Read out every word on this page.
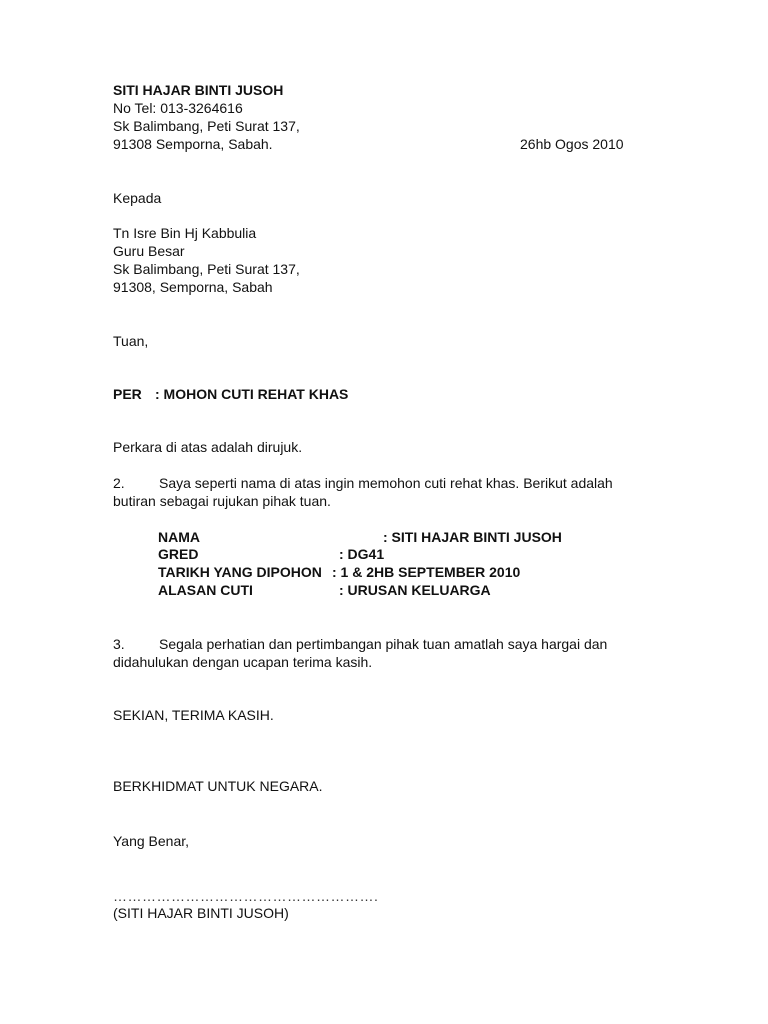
SITI HAJAR BINTI JUSOH
No Tel: 013-3264616
Sk Balimbang, Peti Surat 137,
91308 Semporna, Sabah.	26hb Ogos 2010
Kepada
Tn Isre Bin Hj Kabbulia
Guru Besar
Sk Balimbang, Peti Surat 137,
91308, Semporna, Sabah
Tuan,
PER : MOHON CUTI REHAT KHAS
Perkara di atas adalah dirujuk.
2. Saya seperti nama di atas ingin memohon cuti rehat khas. Berikut adalah
butiran sebagai rujukan pihak tuan.
NAMA	: SITI HAJAR BINTI JUSOH
GRED	: DG41
TARIKH YANG DIPOHON : 1 & 2HB SEPTEMBER 2010
ALASAN CUTI	: URUSAN KELUARGA
3. Segala perhatian dan pertimbangan pihak tuan amatlah saya hargai dan
didahulukan dengan ucapan terima kasih.
SEKIAN, TERIMA KASIH.
BERKHIDMAT UNTUK NEGARA.
Yang Benar,
……………………………………………….
(SITI HAJAR BINTI JUSOH)
